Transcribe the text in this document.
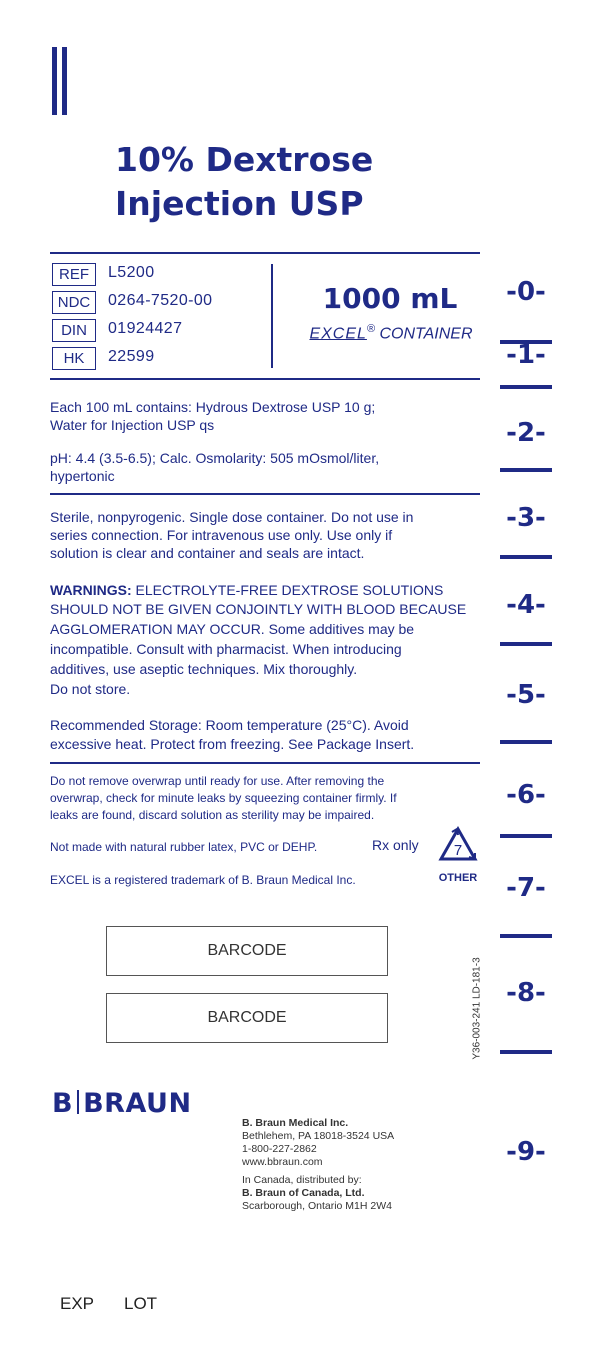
10% Dextrose
Injection USP
REF	L5200
NDC	0264-7520-00
DIN	01924427
HK	22599
1000 mL
EXCEL® CONTAINER
Each 100 mL contains: Hydrous Dextrose USP 10 g;
Water for Injection USP qs
pH: 4.4 (3.5-6.5); Calc. Osmolarity: 505 mOsmol/liter,
hypertonic
Sterile, nonpyrogenic. Single dose container. Do not use in
series connection. For intravenous use only. Use only if
solution is clear and container and seals are intact.
WARNINGS: ELECTROLYTE-FREE DEXTROSE SOLUTIONS
SHOULD NOT BE GIVEN CONJOINTLY WITH BLOOD BECAUSE
AGGLOMERATION MAY OCCUR. Some additives may be
incompatible. Consult with pharmacist. When introducing
additives, use aseptic techniques. Mix thoroughly.
Do not store.
Recommended Storage: Room temperature (25°C). Avoid
excessive heat. Protect from freezing. See Package Insert.
Do not remove overwrap until ready for use. After removing the
overwrap, check for minute leaks by squeezing container firmly. If
leaks are found, discard solution as sterility may be impaired.
Not made with natural rubber latex, PVC or DEHP.	Rx only 7
OTHER
EXCEL is a registered trademark of B. Braun Medical Inc.
BARCODE
BARCODE	Y36-003-241 LD-181-3
-0-
-1-
-2-
-3-
-4-
-5-
-6-
-7-
-8-
-9-
B BRAUN
B. Braun Medical Inc.
Bethlehem, PA 18018-3524 USA
1-800-227-2862
www.bbraun.com
In Canada, distributed by:
B. Braun of Canada, Ltd.
Scarborough, Ontario M1H 2W4
EXP LOT
